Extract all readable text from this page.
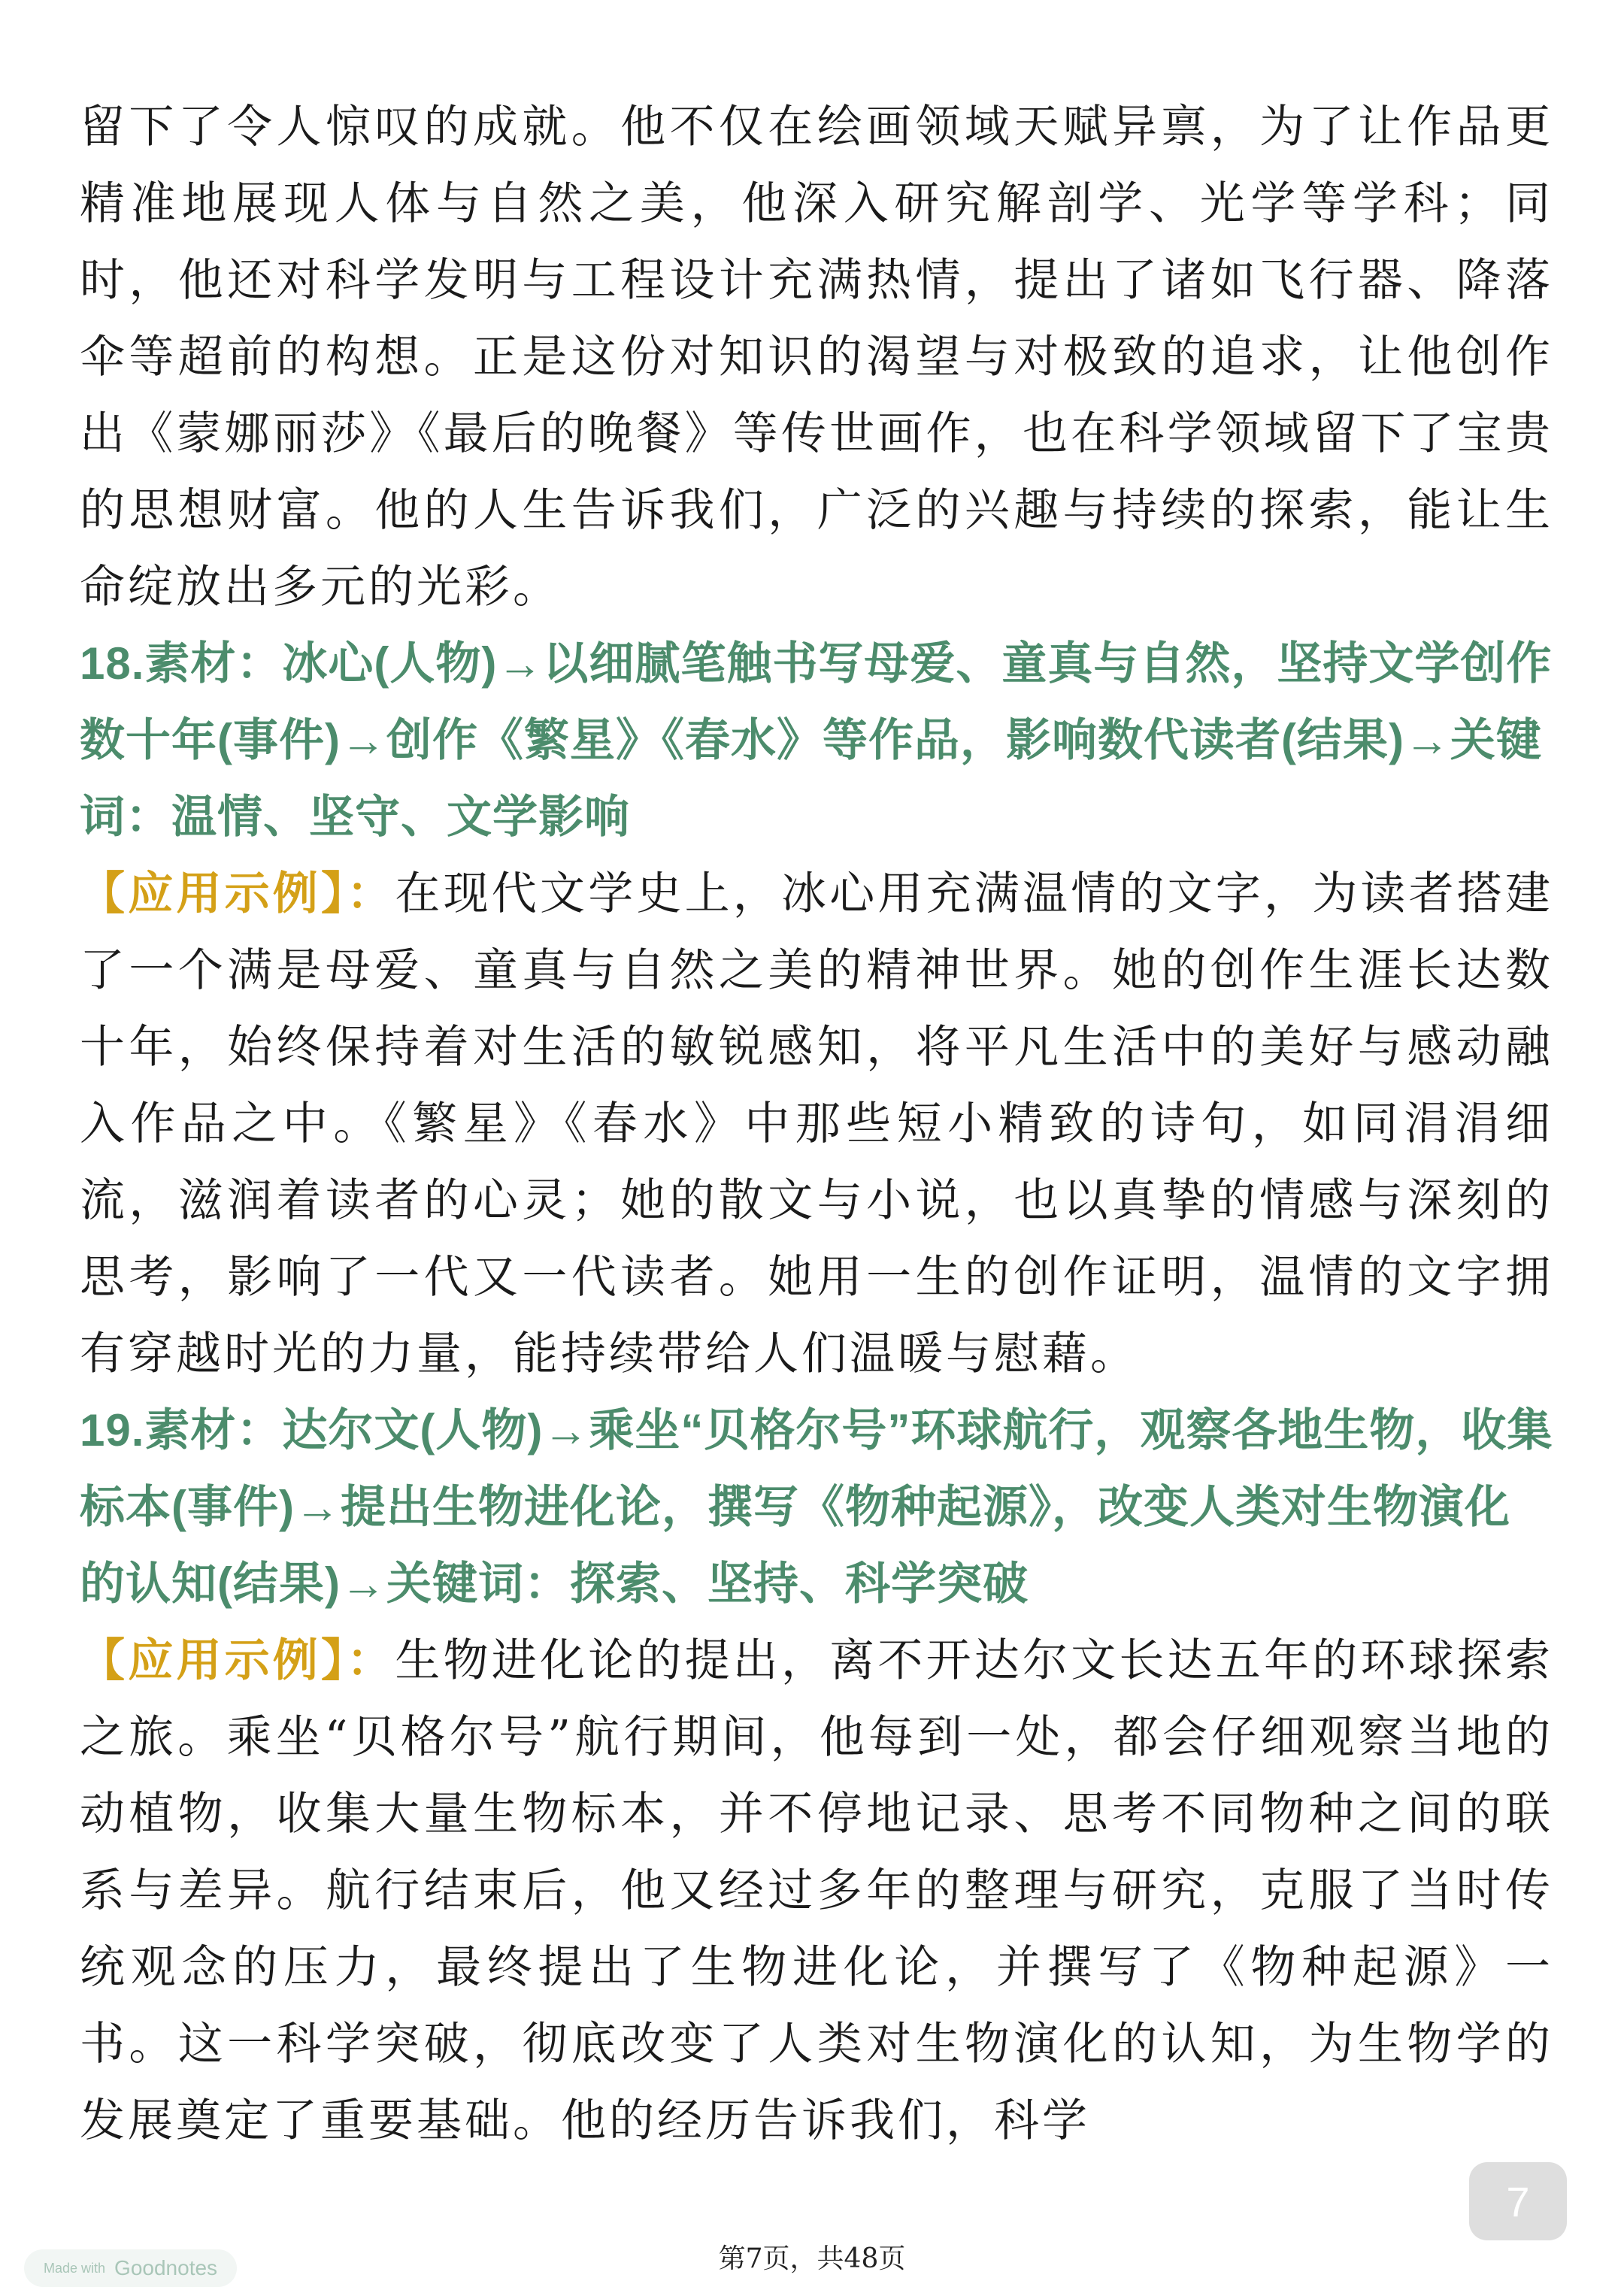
留下了令人惊叹的成就。他不仅在绘画领域天赋异禀，为了让作品更精准地展现人体与自然之美，他深入研究解剖学、光学等学科；同时，他还对科学发明与工程设计充满热情，提出了诸如飞行器、降落伞等超前的构想。正是这份对知识的渴望与对极致的追求，让他创作出《蒙娜丽莎》《最后的晚餐》等传世画作，也在科学领域留下了宝贵的思想财富。他的人生告诉我们，广泛的兴趣与持续的探索，能让生命绽放出多元的光彩。

18.素材：冰心(人物)→以细腻笔触书写母爱、童真与自然，坚持文学创作数十年(事件)→创作《繁星》《春水》等作品，影响数代读者(结果)→关键词：温情、坚守、文学影响

【应用示例】：在现代文学史上，冰心用充满温情的文字，为读者搭建了一个满是母爱、童真与自然之美的精神世界。她的创作生涯长达数十年，始终保持着对生活的敏锐感知，将平凡生活中的美好与感动融入作品之中。《繁星》《春水》中那些短小精致的诗句，如同涓涓细流，滋润着读者的心灵；她的散文与小说，也以真挚的情感与深刻的思考，影响了一代又一代读者。她用一生的创作证明，温情的文字拥有穿越时光的力量，能持续带给人们温暖与慰藉。

19.素材：达尔文(人物)→乘坐“贝格尔号”环球航行，观察各地生物，收集标本(事件)→提出生物进化论，撰写《物种起源》，改变人类对生物演化的认知(结果)→关键词：探索、坚持、科学突破

【应用示例】：生物进化论的提出，离不开达尔文长达五年的环球探索之旅。乘坐“贝格尔号”航行期间，他每到一处，都会仔细观察当地的动植物，收集大量生物标本，并不停地记录、思考不同物种之间的联系与差异。航行结束后，他又经过多年的整理与研究，克服了当时传统观念的压力，最终提出了生物进化论，并撰写了《物种起源》一书。这一科学突破，彻底改变了人类对生物演化的认知，为生物学的发展奠定了重要基础。他的经历告诉我们，科学

7
Made with Goodnotes	第7页，共48页
